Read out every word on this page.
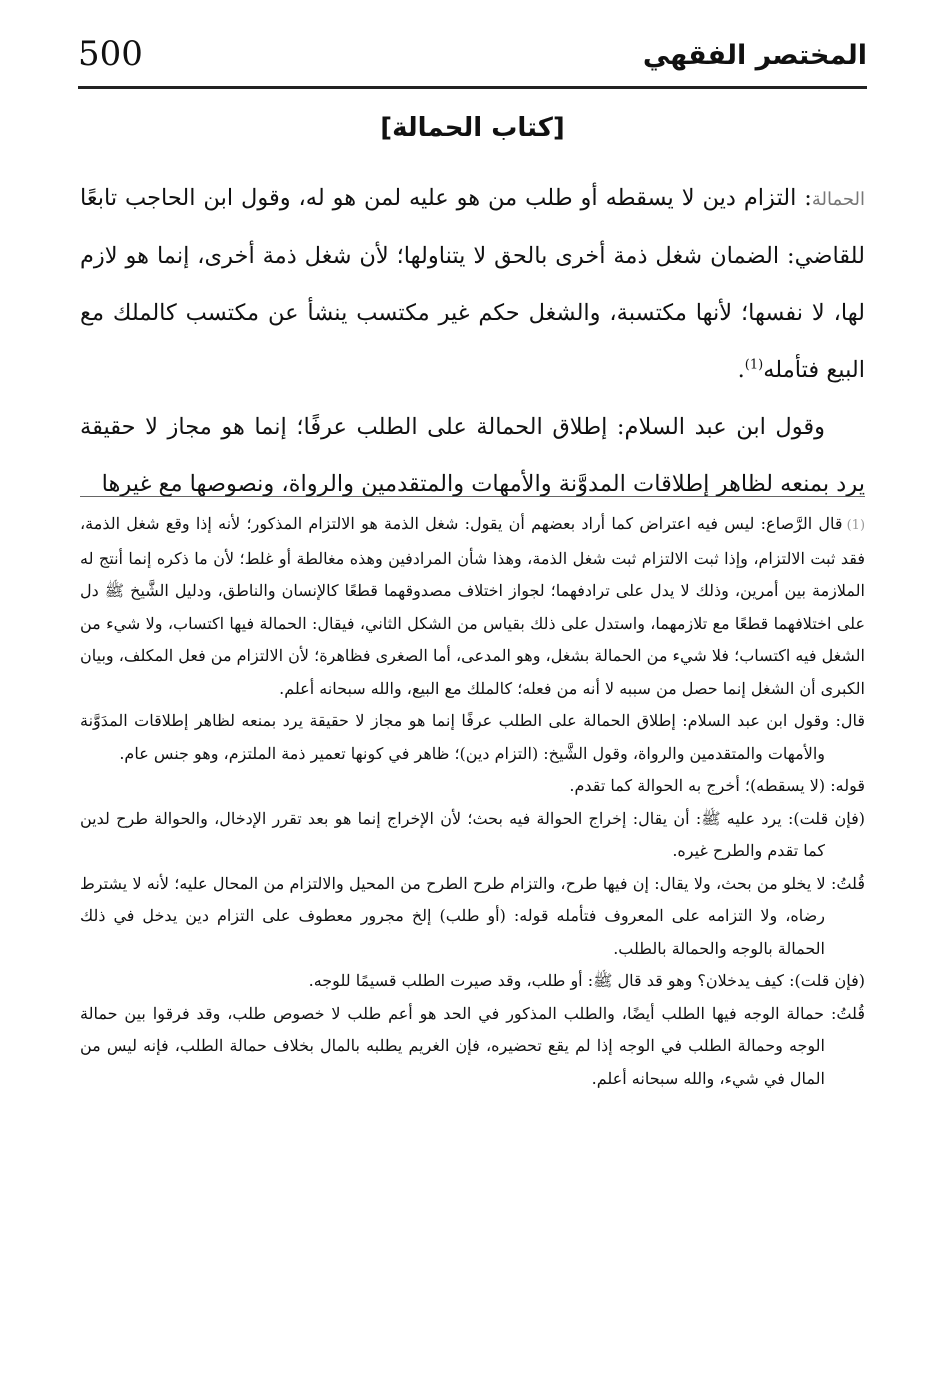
500	المختصر الفقهي
[كتاب الحمالة]

الحمالة: التزام دين لا يسقطه أو طلب من هو عليه لمن هو له، وقول ابن الحاجب تابعًا للقاضي: الضمان شغل ذمة أخرى بالحق لا يتناولها؛ لأن شغل ذمة أخرى، إنما هو لازم لها، لا نفسها؛ لأنها مكتسبة، والشغل حكم غير مكتسب ينشأ عن مكتسب كالملك مع البيع فتأمله$^{(1)}$.

وقول ابن عبد السلام: إطلاق الحمالة على الطلب عرفًا؛ إنما هو مجاز لا حقيقة يرد بمنعه لظاهر إطلاقات المدوَّنة والأمهات والمتقدمين والرواة، ونصوصها مع غيرها

(1)قال الرَّصاع: ليس فيه اعتراض كما أراد بعضهم أن يقول: شغل الذمة هو الالتزام المذكور؛ لأنه إذا وقع شغل الذمة، فقد ثبت الالتزام، وإذا ثبت الالتزام ثبت شغل الذمة، وهذا شأن المرادفين وهذه مغالطة أو غلط؛ لأن ما ذكره إنما أنتج له الملازمة بين أمرين، وذلك لا يدل على ترادفهما؛ لجواز اختلاف مصدوقهما قطعًا كالإنسان والناطق، ودليل الشَّيخ ﷺ دل على اختلافهما قطعًا مع تلازمهما، واستدل على ذلك بقياس من الشكل الثاني، فيقال: الحمالة فيها اكتساب، ولا شيء من الشغل فيه اكتساب؛ فلا شيء من الحمالة بشغل، وهو المدعى، أما الصغرى فظاهرة؛ لأن الالتزام من فعل المكلف، وبيان الكبرى أن الشغل إنما حصل من سببه لا أنه من فعله؛ كالملك مع البيع، والله سبحانه أعلم.

قال: وقول ابن عبد السلام: إطلاق الحمالة على الطلب عرفًا إنما هو مجاز لا حقيقة يرد بمنعه لظاهر إطلاقات المدَوَّنة والأمهات والمتقدمين والرواة، وقول الشَّيخ: (التزام دين)؛ ظاهر في كونها تعمير ذمة الملتزم، وهو جنس عام.

قوله: (لا يسقطه)؛ أخرج به الحوالة كما تقدم.

(فإن قلت): يرد عليه ﷺ: أن يقال: إخراج الحوالة فيه بحث؛ لأن الإخراج إنما هو بعد تقرر الإدخال، والحوالة طرح لدين كما تقدم والطرح غيره.

قُلتُ: لا يخلو من بحث، ولا يقال: إن فيها طرح، والتزام طرح الطرح من المحيل والالتزام من المحال عليه؛ لأنه لا يشترط رضاه، ولا التزامه على المعروف فتأمله قوله: (أو طلب) إلخ مجرور معطوف على التزام دين يدخل في ذلك الحمالة بالوجه والحمالة بالطلب.

(فإن قلت): كيف يدخلان؟ وهو قد قال ﷺ: أو طلب، وقد صيرت الطلب قسيمًا للوجه.

قُلتُ: حمالة الوجه فيها الطلب أيضًا، والطلب المذكور في الحد هو أعم طلب لا خصوص طلب، وقد فرقوا بين حمالة الوجه وحمالة الطلب في الوجه إذا لم يقع تحضيره، فإن الغريم يطلبه بالمال بخلاف حمالة الطلب، فإنه ليس من المال في شيء، والله سبحانه أعلم.
